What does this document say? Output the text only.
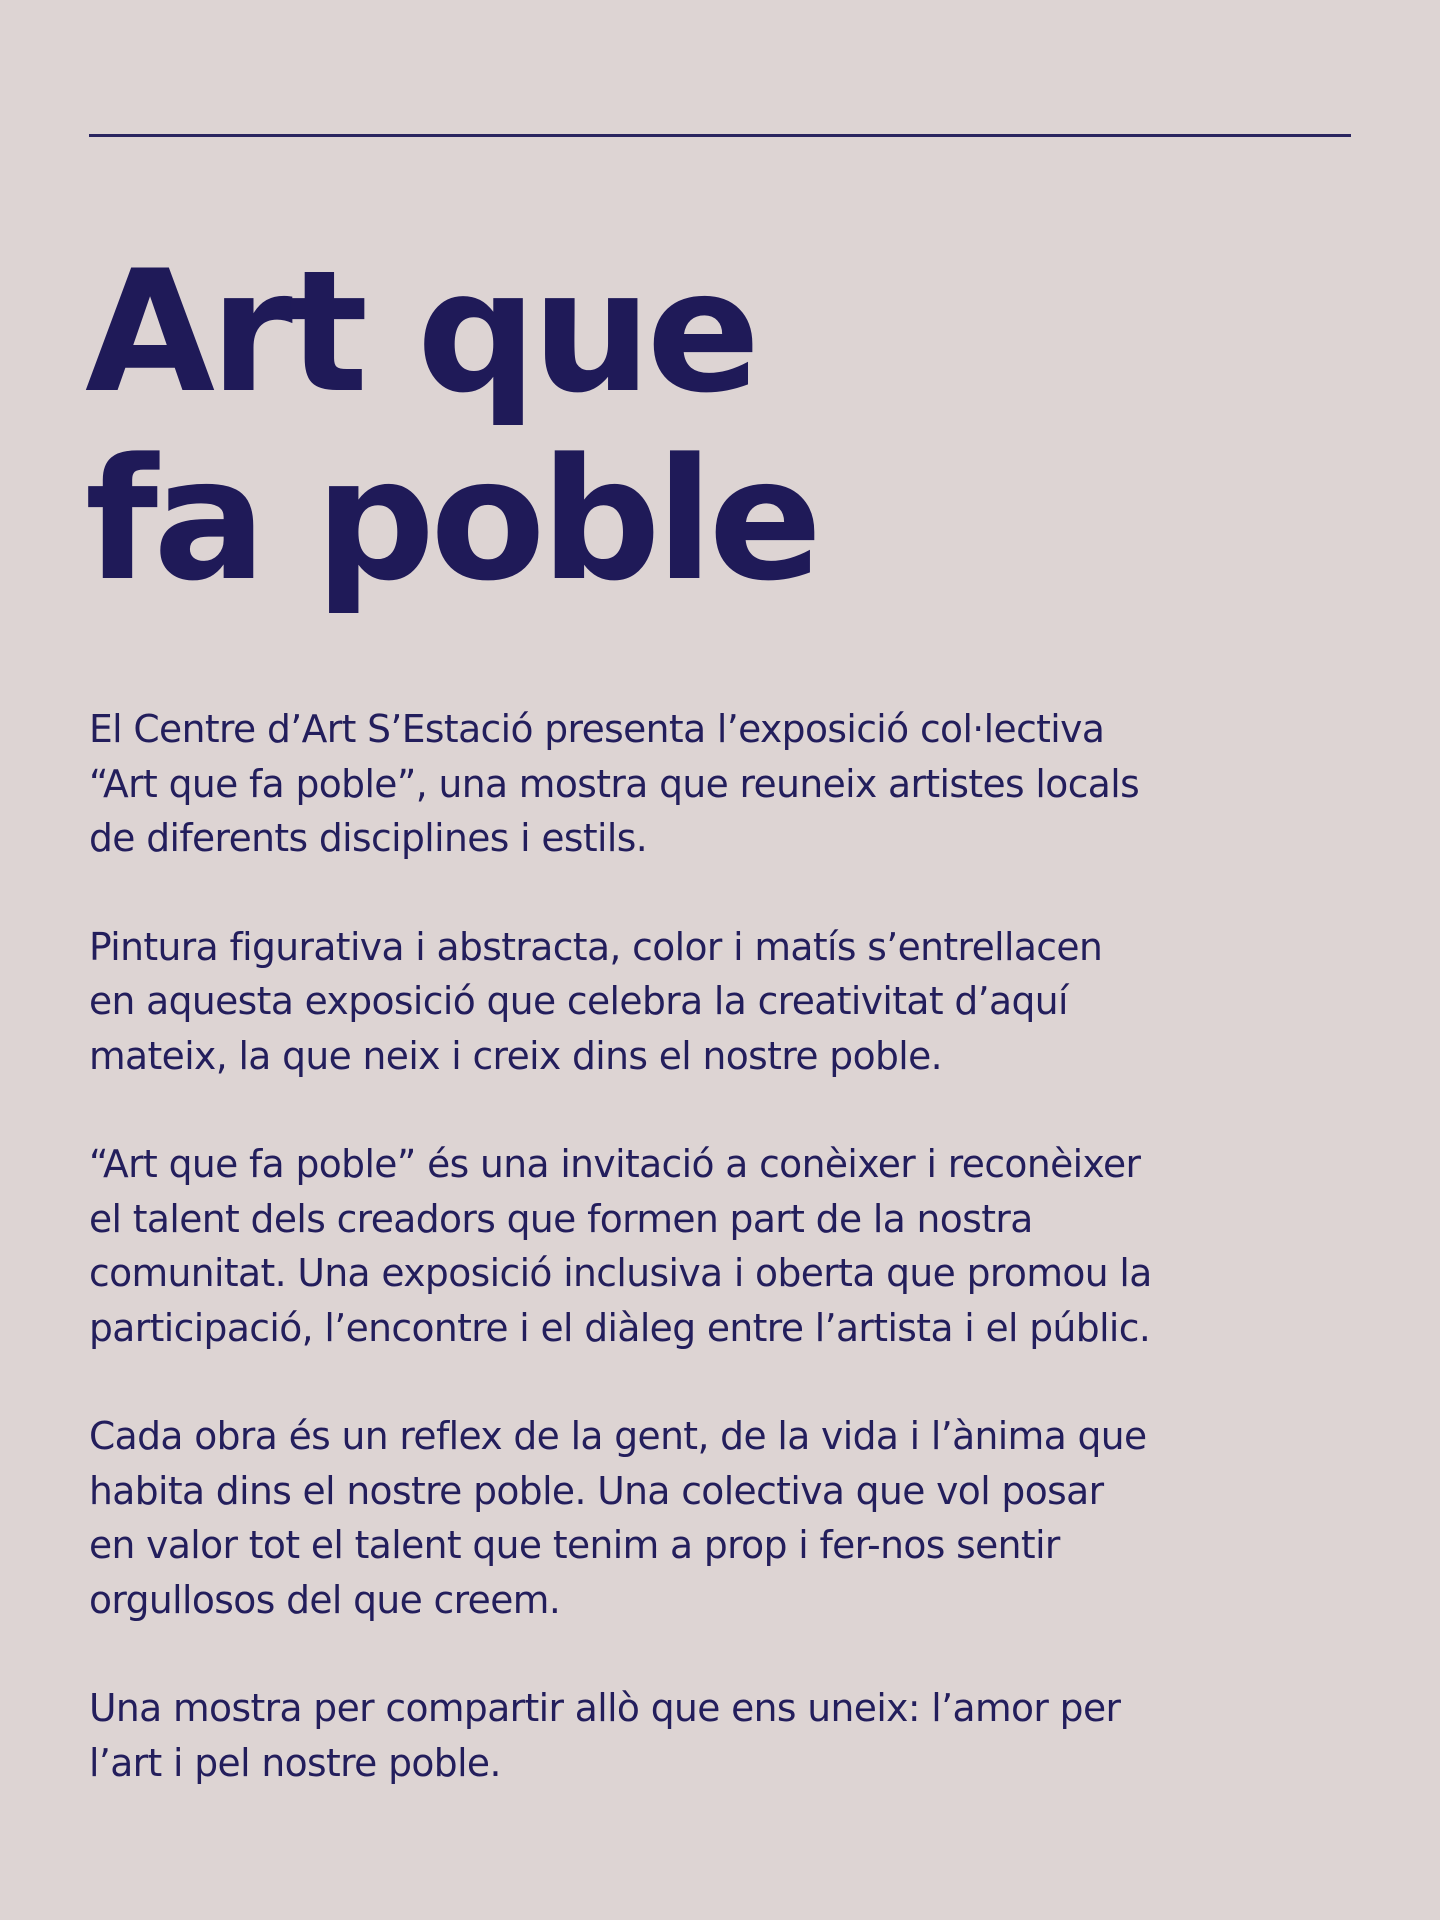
Art que
fa poble

El Centre d’Art S’Estació presenta l’exposició col·lectiva
“Art que fa poble”, una mostra que reuneix artistes locals
de diferents disciplines i estils.

Pintura figurativa i abstracta, color i matís s’entrellacen
en aquesta exposició que celebra la creativitat d’aquí
mateix, la que neix i creix dins el nostre poble.

“Art que fa poble” és una invitació a conèixer i reconèixer
el talent dels creadors que formen part de la nostra
comunitat. Una exposició inclusiva i oberta que promou la
participació, l’encontre i el diàleg entre l’artista i el públic.

Cada obra és un reflex de la gent, de la vida i l’ànima que
habita dins el nostre poble. Una colectiva que vol posar
en valor tot el talent que tenim a prop i fer-nos sentir
orgullosos del que creem.

Una mostra per compartir allò que ens uneix: l’amor per
l’art i pel nostre poble.
